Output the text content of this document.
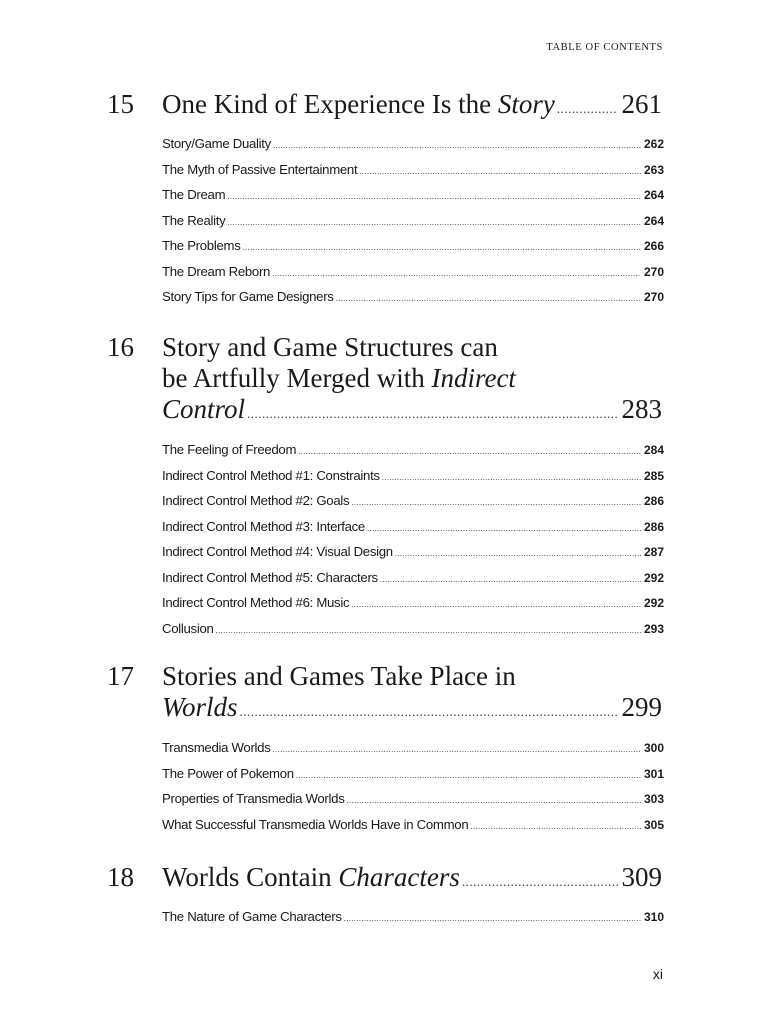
TABLE OF CONTENTS
15 One Kind of Experience Is the Story ..... 261
Story/Game Duality .....	262
The Myth of Passive Entertainment .....	263
The Dream .....	264
The Reality .....	264
The Problems .....	266
The Dream Reborn .....	270
Story Tips for Game Designers .....	270
16 Story and Game Structures can
be Artfully Merged with Indirect
Control .....	283
The Feeling of Freedom .....	284
Indirect Control Method #1: Constraints .....	285
Indirect Control Method #2: Goals .....	286
Indirect Control Method #3: Interface .....	286
Indirect Control Method #4: Visual Design .....	287
Indirect Control Method #5: Characters .....	292
Indirect Control Method #6: Music .....	292
Collusion .....	293
17 Stories and Games Take Place in
Worlds .....	299
Transmedia Worlds .....	300
The Power of Pokemon .....	301
Properties of Transmedia Worlds .....	303
What Successful Transmedia Worlds Have in Common .....	305
18 Worlds Contain Characters .....	309
The Nature of Game Characters .....	310
xi
